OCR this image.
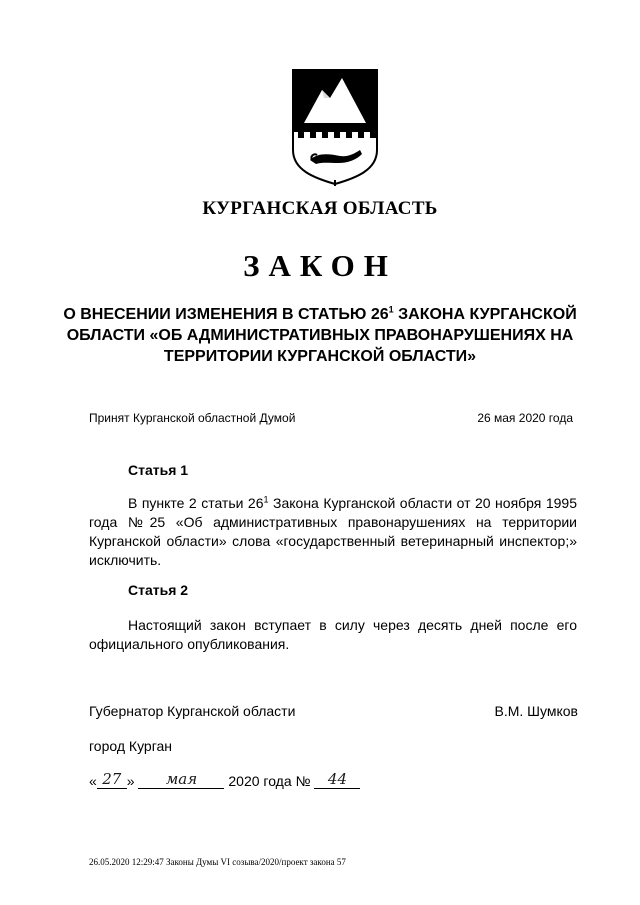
КУРГАНСКАЯ ОБЛАСТЬ
ЗАКОН
О ВНЕСЕНИИ ИЗМЕНЕНИЯ В СТАТЬЮ $26^1$ ЗАКОНА КУРГАНСКОЙ ОБЛАСТИ «ОБ АДМИНИСТРАТИВНЫХ ПРАВОНАРУШЕНИЯХ НА ТЕРРИТОРИИ КУРГАНСКОЙ ОБЛАСТИ»
Принят Курганской областной Думой	26 мая 2020 года
Статья 1
В пункте 2 статьи $26^1$ Закона Курганской области от 20 ноября 1995 года №25 «Об административных правонарушениях на территории Курганской области» слова «государственный ветеринарный инспектор;» исключить.
Статья 2
Настоящий закон вступает в силу через десять дней после его официального опубликования.
Губернатор Курганской области	В.М. Шумков
город Курган
« 27 » мая 2020 года № 44
26.05.2020 12:29:47 Законы Думы VI созыва/2020/проект закона 57
